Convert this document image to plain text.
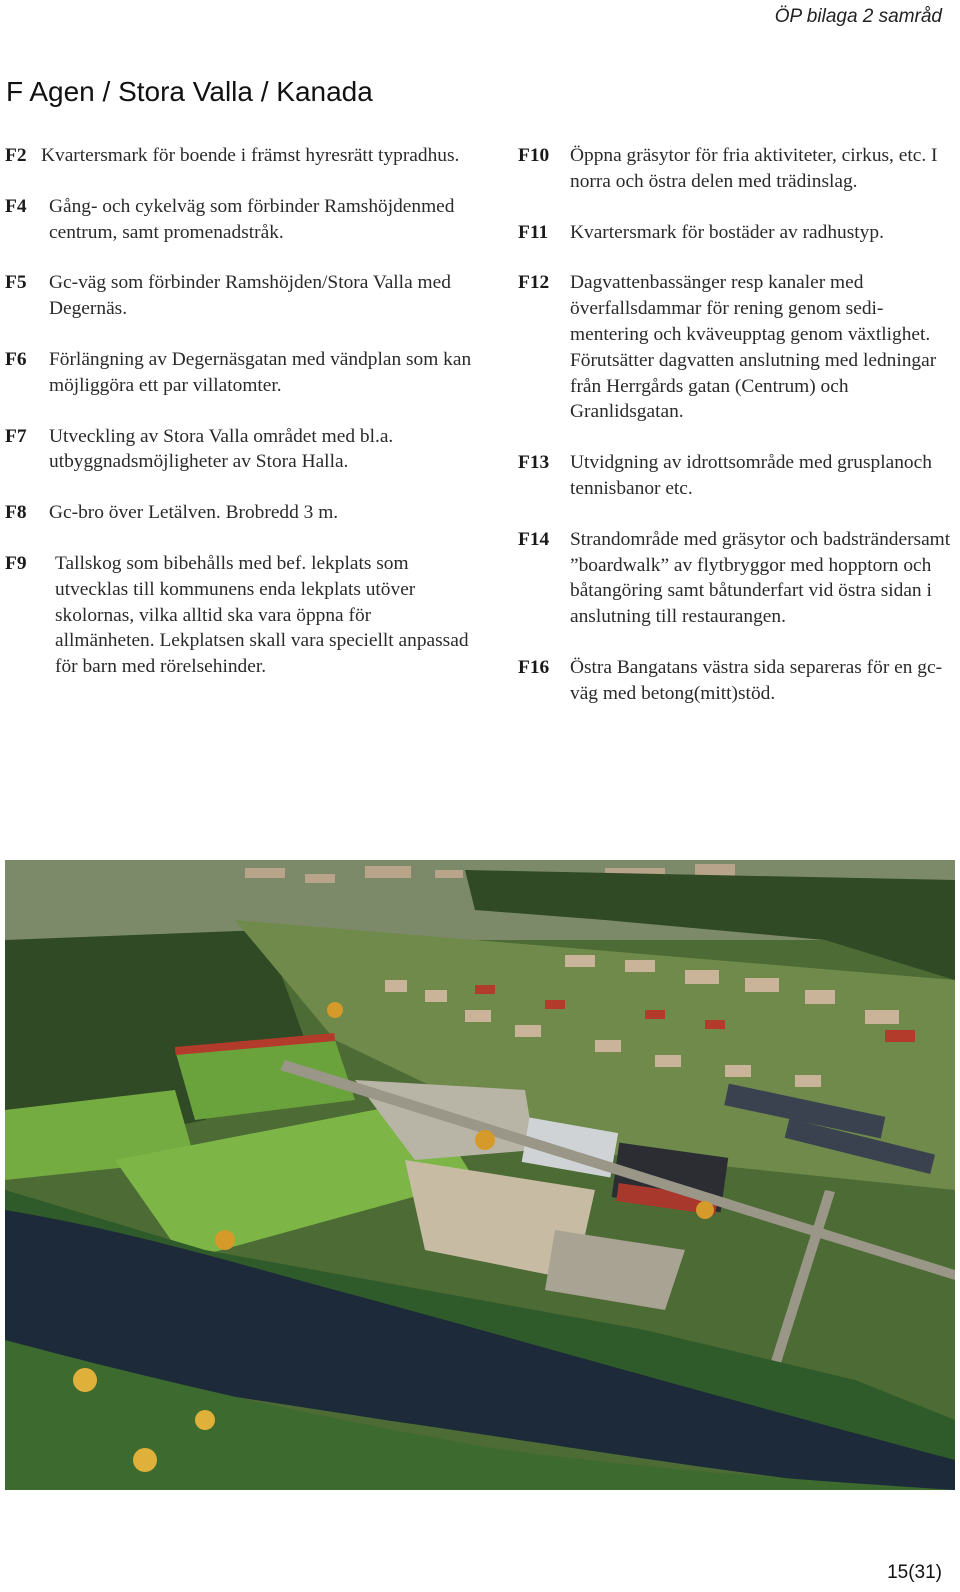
ÖP bilaga 2 samråd
F Agen / Stora Valla / Kanada
F2 Kvartersmark för boende i främst hyresrätt typradhus.
F4	Gång- och cykelväg som förbinder Ramshöjdenmed centrum, samt promenadstråk.
F5	Gc-väg som förbinder Ramshöjden/Stora Valla med Degernäs.
F6	Förlängning av Degernäsgatan med vändplan som kan möjliggöra ett par villatomter.
F7	Utveckling av Stora Valla området med bl.a. utbyggnadsmöjligheter av Stora Halla.
F8	Gc-bro över Letälven. Brobredd 3 m.
F9	Tallskog som bibehålls med bef. lekplats som utvecklas till kommunens enda lekplats utöver skolornas, vilka alltid ska vara öppna för allmänheten. Lekplatsen skall vara speciellt anpassad för barn med rörelsehinder.
F10	Öppna gräsytor för fria aktiviteter, cirkus, etc. I norra och östra delen med trädinslag.
F11	Kvartersmark för bostäder av radhustyp.
F12	Dagvattenbassänger resp kanaler med överfallsdammar för rening genom sedi-mentering och kväveupptag genom växtlighet. Förutsätter dagvatten anslutning med ledningar från Herrgårds gatan (Centrum) och Granlidsgatan.
F13	Utvidgning av idrottsområde med grusplanoch tennisbanor etc.
F14	Strandområde med gräsytor och badsträndersamt ”boardwalk” av flytbryggor med hopptorn och båtangöring samt båtunderfart vid östra sidan i anslutning till restaurangen.
F16	Östra Bangatans västra sida separeras för en gc-väg med betong(mitt)stöd.
15(31)
